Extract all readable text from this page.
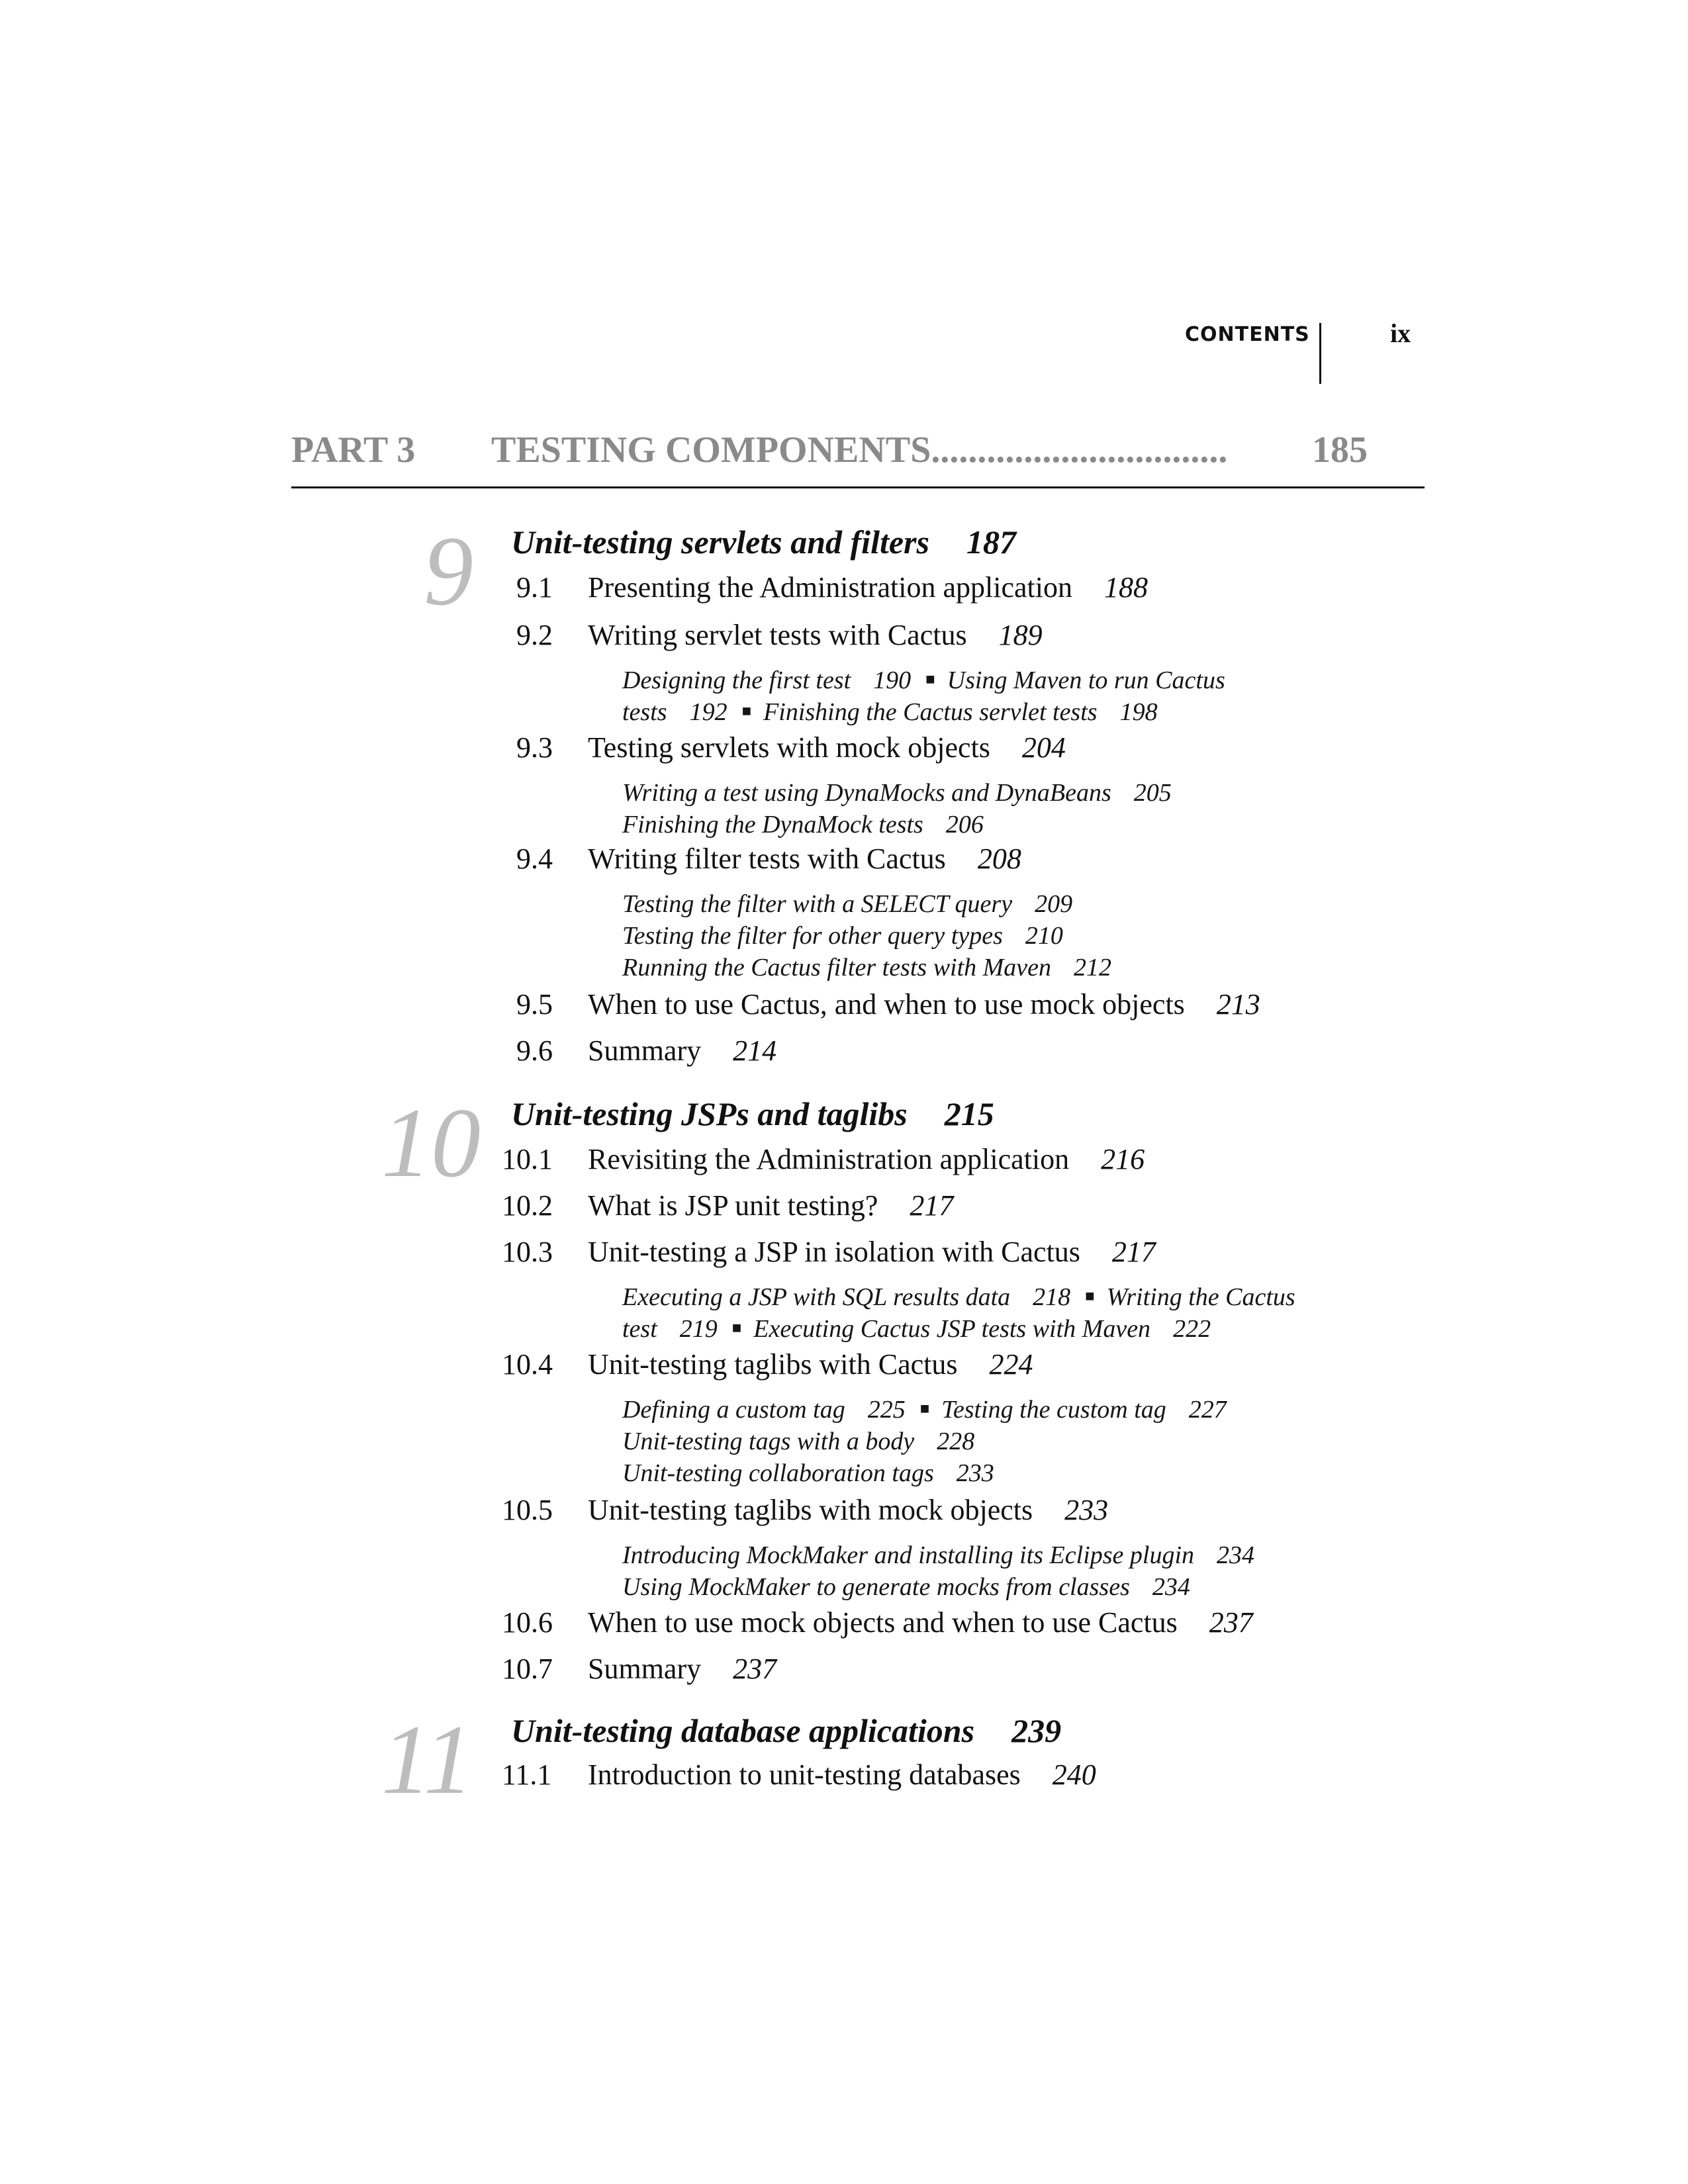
CONTENTS	ix
PART 3 TESTING COMPONENTS................................ 185
9 Unit-testing servlets and filters 187
9.1 Presenting the Administration application 188
9.2 Writing servlet tests with Cactus 189
Designing the first test 190 ■ Using Maven to run Cactus
tests 192 ■ Finishing the Cactus servlet tests 198
9.3 Testing servlets with mock objects 204
Writing a test using DynaMocks and DynaBeans 205
Finishing the DynaMock tests 206
9.4 Writing filter tests with Cactus 208
Testing the filter with a SELECT query 209
Testing the filter for other query types 210
Running the Cactus filter tests with Maven 212
9.5 When to use Cactus, and when to use mock objects 213
9.6 Summary 214
10 Unit-testing JSPs and taglibs 215
10.1 Revisiting the Administration application 216
10.2 What is JSP unit testing? 217
10.3 Unit-testing a JSP in isolation with Cactus 217
Executing a JSP with SQL results data 218 ■ Writing the Cactus
test 219 ■ Executing Cactus JSP tests with Maven 222
10.4 Unit-testing taglibs with Cactus 224
Defining a custom tag 225 ■ Testing the custom tag 227
Unit-testing tags with a body 228
Unit-testing collaboration tags 233
10.5 Unit-testing taglibs with mock objects 233
Introducing MockMaker and installing its Eclipse plugin 234
Using MockMaker to generate mocks from classes 234
10.6 When to use mock objects and when to use Cactus 237
10.7 Summary 237
11 Unit-testing database applications 239
11.1 Introduction to unit-testing databases 240
